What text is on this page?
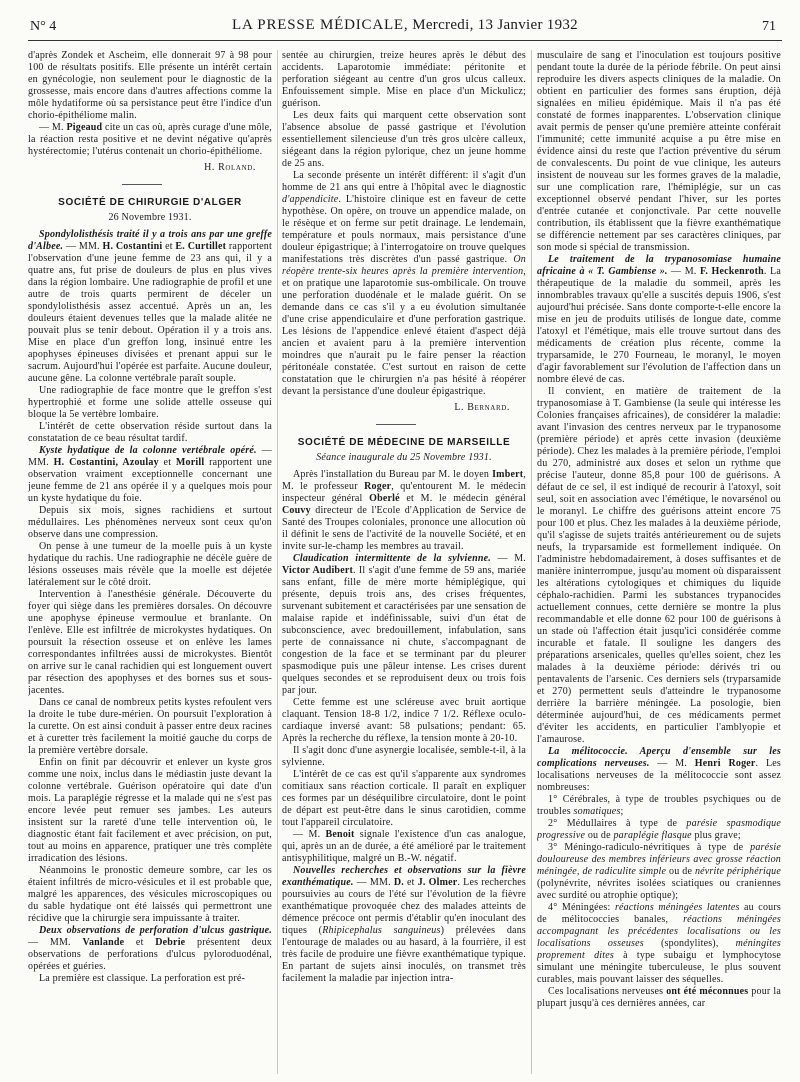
N° 4	LA PRESSE MÉDICALE, Mercredi, 13 Janvier 1932	71

d'après Zondek et Ascheim, elle donnerait 97 à 98 pour 100 de résultats positifs. Elle présente un intérêt certain en gynécologie, non seulement pour le diagnostic de la grossesse, mais encore dans d'autres affections comme la môle hydatiforme où sa persistance peut être l'indice d'un chorio-épithéliome malin.

— M. Pigeaud cite un cas où, après curage d'une môle, la réaction resta positive et ne devint négative qu'après hystérectomie; l'utérus contenait un chorio-épithéliome.

H. Roland.
SOCIÉTÉ DE CHIRURGIE D'ALGER
26 Novembre 1931.

Spondylolisthésis traité il y a trois ans par une greffe d'Albee. — MM. H. Costantini et E. Curtillet rapportent l'observation d'une jeune femme de 23 ans qui, il y a quatre ans, fut prise de douleurs de plus en plus vives dans la région lombaire. Une radiographie de profil et une autre de trois quarts permirent de déceler un spondylolisthésis assez accentué. Après un an, les douleurs étaient devenues telles que la malade alitée ne pouvait plus se tenir debout. Opération il y a trois ans. Mise en place d'un greffon long, insinué entre les apophyses épineuses divisées et prenant appui sur le sacrum. Aujourd'hui l'opérée est parfaite. Aucune douleur, aucune gêne. La colonne vertébrale paraît souple.

Une radiographie de face montre que le greffon s'est hypertrophié et forme une solide attelle osseuse qui bloque la 5e vertèbre lombaire.

L'intérêt de cette observation réside surtout dans la constatation de ce beau résultat tardif.

Kyste hydatique de la colonne vertébrale opéré. — MM. H. Costantini, Azoulay et Morill rapportent une observation vraiment exceptionnelle concernant une jeune femme de 21 ans opérée il y a quelques mois pour un kyste hydatique du foie.

Depuis six mois, signes rachidiens et surtout médullaires. Les phénomènes nerveux sont ceux qu'on observe dans une compression.

On pense à une tumeur de la moelle puis à un kyste hydatique du rachis. Une radiographie ne décèle guère de lésions osseuses mais révèle que la moelle est déjetée latéralement sur le côté droit.

Intervention à l'anesthésie générale. Découverte du foyer qui siège dans les premières dorsales. On découvre une apophyse épineuse vermoulue et branlante. On l'enlève. Elle est infiltrée de microkystes hydatiques. On poursuit la résection osseuse et on enlève les lames correspondantes infiltrées aussi de microkystes. Bientôt on arrive sur le canal rachidien qui est longuement ouvert par résection des apophyses et des bornes sus et sous-jacentes.

Dans ce canal de nombreux petits kystes refoulent vers la droite le tube dure-mérien. On poursuit l'exploration à la curette. On est ainsi conduit à passer entre deux racines et à curetter très facilement la moitié gauche du corps de la première vertèbre dorsale.

Enfin on finit par découvrir et enlever un kyste gros comme une noix, inclus dans le médiastin juste devant la colonne vertébrale. Guérison opératoire qui date d'un mois. La paraplégie régresse et la malade qui ne s'est pas encore levée peut remuer ses jambes. Les auteurs insistent sur la rareté d'une telle intervention où, le diagnostic étant fait facilement et avec précision, on put, tout au moins en apparence, pratiquer une très complète irradication des lésions.

Néanmoins le pronostic demeure sombre, car les os étaient infiltrés de micro-vésicules et il est probable que, malgré les apparences, des vésicules microscopiques ou du sable hydatique ont été laissés qui permettront une récidive que la chirurgie sera impuissante à traiter.

Deux observations de perforation d'ulcus gastrique. — MM. Vanlande et Debrie présentent deux observations de perforations d'ulcus pyloroduodénal, opérées et guéries.

La première est classique. La perforation est pré-

sentée au chirurgien, treize heures après le début des accidents. Laparotomie immédiate: péritonite et perforation siégeant au centre d'un gros ulcus calleux. Enfouissement simple. Mise en place d'un Mickulicz; guérison.

Les deux faits qui marquent cette observation sont l'absence absolue de passé gastrique et l'évolution essentiellement silencieuse d'un très gros ulcère calleux, siégeant dans la région pylorique, chez un jeune homme de 25 ans.

La seconde présente un intérêt différent: il s'agit d'un homme de 21 ans qui entre à l'hôpital avec le diagnostic d'appendicite. L'histoire clinique est en faveur de cette hypothèse. On opère, on trouve un appendice malade, on le résèque et on ferme sur petit drainage. Le lendemain, température et pouls normaux, mais persistance d'une douleur épigastrique; à l'interrogatoire on trouve quelques manifestations très discrètes d'un passé gastrique. On réopère trente-six heures après la première intervention, et on pratique une laparotomie sus-ombilicale. On trouve une perforation duodénale et le malade guérit. On se demande dans ce cas s'il y a eu évolution simultanée d'une crise appendiculaire et d'une perforation gastrique. Les lésions de l'appendice enlevé étaient d'aspect déjà ancien et avaient paru à la première intervention moindres que n'aurait pu le faire penser la réaction péritonéale constatée. C'est surtout en raison de cette constatation que le chirurgien n'a pas hésité à réopérer devant la persistance d'une douleur épigastrique.

L. Bernard.
SOCIÉTÉ DE MÉDECINE DE MARSEILLE
Séance inaugurale du 25 Novembre 1931.

Après l'installation du Bureau par M. le doyen Imbert, M. le professeur Roger, qu'entourent M. le médecin inspecteur général Oberlé et M. le médecin général Couvy directeur de l'Ecole d'Application de Service de Santé des Troupes coloniales, prononce une allocution où il définit le sens de l'activité de la nouvelle Société, et en invite sur-le-champ les membres au travail.

Claudication intermittente de la sylvienne. — M. Victor Audibert. Il s'agit d'une femme de 59 ans, mariée sans enfant, fille de mère morte hémiplégique, qui présente, depuis trois ans, des crises fréquentes, survenant subitement et caractérisées par une sensation de malaise rapide et indéfinissable, suivi d'un état de subconscience, avec bredouillement, infabulation, sans perte de connaissance ni chute, s'accompagnant de congestion de la face et se terminant par du pleurer spasmodique puis une pâleur intense. Les crises durent quelques secondes et se reproduisent deux ou trois fois par jour.

Cette femme est une scléreuse avec bruit aortique claquant. Tension 18-8 1/2, indice 7 1/2. Réflexe oculo-cardiaque inversé avant: 58 pulsations; pendant: 65. Après la recherche du réflexe, la tension monte à 20-10.

Il s'agit donc d'une asynergie localisée, semble-t-il, à la sylvienne.

L'intérêt de ce cas est qu'il s'apparente aux syndromes comitiaux sans réaction corticale. Il paraît en expliquer ces formes par un déséquilibre circulatoire, dont le point de départ est peut-être dans le sinus carotidien, comme tout l'appareil circulatoire.

— M. Benoit signale l'existence d'un cas analogue, qui, après un an de durée, a été amélioré par le traitement antisyphilitique, malgré un B.-W. négatif.

Nouvelles recherches et observations sur la fièvre exanthématique. — MM. D. et J. Olmer. Les recherches poursuivies au cours de l'été sur l'évolution de la fièvre exanthématique provoquée chez des malades atteints de démence précoce ont permis d'établir qu'en inoculant des tiques (Rhipicephalus sanguineus) prélevées dans l'entourage de malades ou au hasard, à la fourrière, il est très facile de produire une fièvre exanthématique typique. En partant de sujets ainsi inoculés, on transmet très facilement la maladie par injection intra-

musculaire de sang et l'inoculation est toujours positive pendant toute la durée de la période fébrile. On peut ainsi reproduire les divers aspects cliniques de la maladie. On obtient en particulier des formes sans éruption, déjà signalées en milieu épidémique. Mais il n'a pas été constaté de formes inapparentes. L'observation clinique avait permis de penser qu'une première atteinte conférait l'immunité; cette immunité acquise a pu être mise en évidence ainsi du reste que l'action préventive du sérum de convalescents. Du point de vue clinique, les auteurs insistent de nouveau sur les formes graves de la maladie, sur une complication rare, l'hémiplégie, sur un cas exceptionnel observé pendant l'hiver, sur les portes d'entrée cutanée et conjonctivale. Par cette nouvelle contribution, ils établissent que la fièvre exanthématique se différencie nettement par ses caractères cliniques, par son mode si spécial de transmission.

Le traitement de la trypanosomiase humaine africaine à « T. Gambiense ». — M. F. Heckenroth. La thérapeutique de la maladie du sommeil, après les innombrables travaux qu'elle a suscités depuis 1906, s'est aujourd'hui précisée. Sans donte comporte-t-elle encore la mise en jeu de produits utilisés de longue date, comme l'atoxyl et l'émétique, mais elle trouve surtout dans des médicaments de création plus récente, comme la tryparsamide, le 270 Fourneau, le moranyl, le moyen d'agir favorablement sur l'évolution de l'affection dans un nombre élevé de cas.

Il convient, en matière de traitement de la trypanosomiase à T. Gambiense (la seule qui intéresse les Colonies françaises africaines), de considérer la maladie: avant l'invasion des centres nerveux par le trypanosome (première période) et après cette invasion (deuxième période). Chez les malades à la première période, l'emploi du 270, administré aux doses et selon un rythme que précise l'auteur, donne 85,8 pour 100 de guérisons. A défaut de ce sel, il est indiqué de recourir à l'atoxyl, soit seul, soit en association avec l'émétique, le novarsénol ou le moranyl. Le chiffre des guérisons atteint encore 75 pour 100 et plus. Chez les malades à la deuxième période, qu'il s'agisse de sujets traités antérieurement ou de sujets neufs, la tryparsamide est formellement indiquée. On l'administre hebdomadairement, à doses suffisantes et de manière ininterrompue, jusqu'au moment où disparaissent les altérations cytologiques et chimiques du liquide céphalo-rachidien. Parmi les substances trypanocides actuellement connues, cette dernière se montre la plus recommandable et elle donne 62 pour 100 de guérisons à un stade où l'affection était jusqu'ici considérée comme incurable et fatale. Il souligne les dangers des préparations arsenicales, quelles qu'elles soient, chez les malades à la deuxième période: dérivés tri ou pentavalents de l'arsenic. Ces derniers sels (tryparsamide et 270) permettent seuls d'atteindre le trypanosome derrière la barrière méningée. La posologie, bien déterminée aujourd'hui, de ces médicaments permet d'éviter les accidents, en particulier l'amblyopie et l'amaurose.

La mélitococcie. Aperçu d'ensemble sur les complications nerveuses. — M. Henri Roger. Les localisations nerveuses de la mélitococcie sont assez nombreuses:

1° Cérébrales, à type de troubles psychiques ou de troubles somatiques;

2° Médullaires à type de parésie spasmodique progressive ou de paraplégie flasque plus grave;

3° Méningo-radiculo-névritiques à type de parésie douloureuse des membres inférieurs avec grosse réaction méningée, de radiculite simple ou de névrite périphérique (polynévrite, névrites isolées sciatiques ou craniennes avec surdité ou atrophie optique);

4° Méningées: réactions méningées latentes au cours de mélitococcies banales, réactions méningées accompagnant les précédentes localisations ou les localisations osseuses (spondylites), méningites proprement dites à type subaigu et lymphocytose simulant une méningite tuberculeuse, le plus souvent curables, mais pouvant laisser des séquelles.

Ces localisations nerveuses ont été méconnues pour la plupart jusqu'à ces dernières années, car
